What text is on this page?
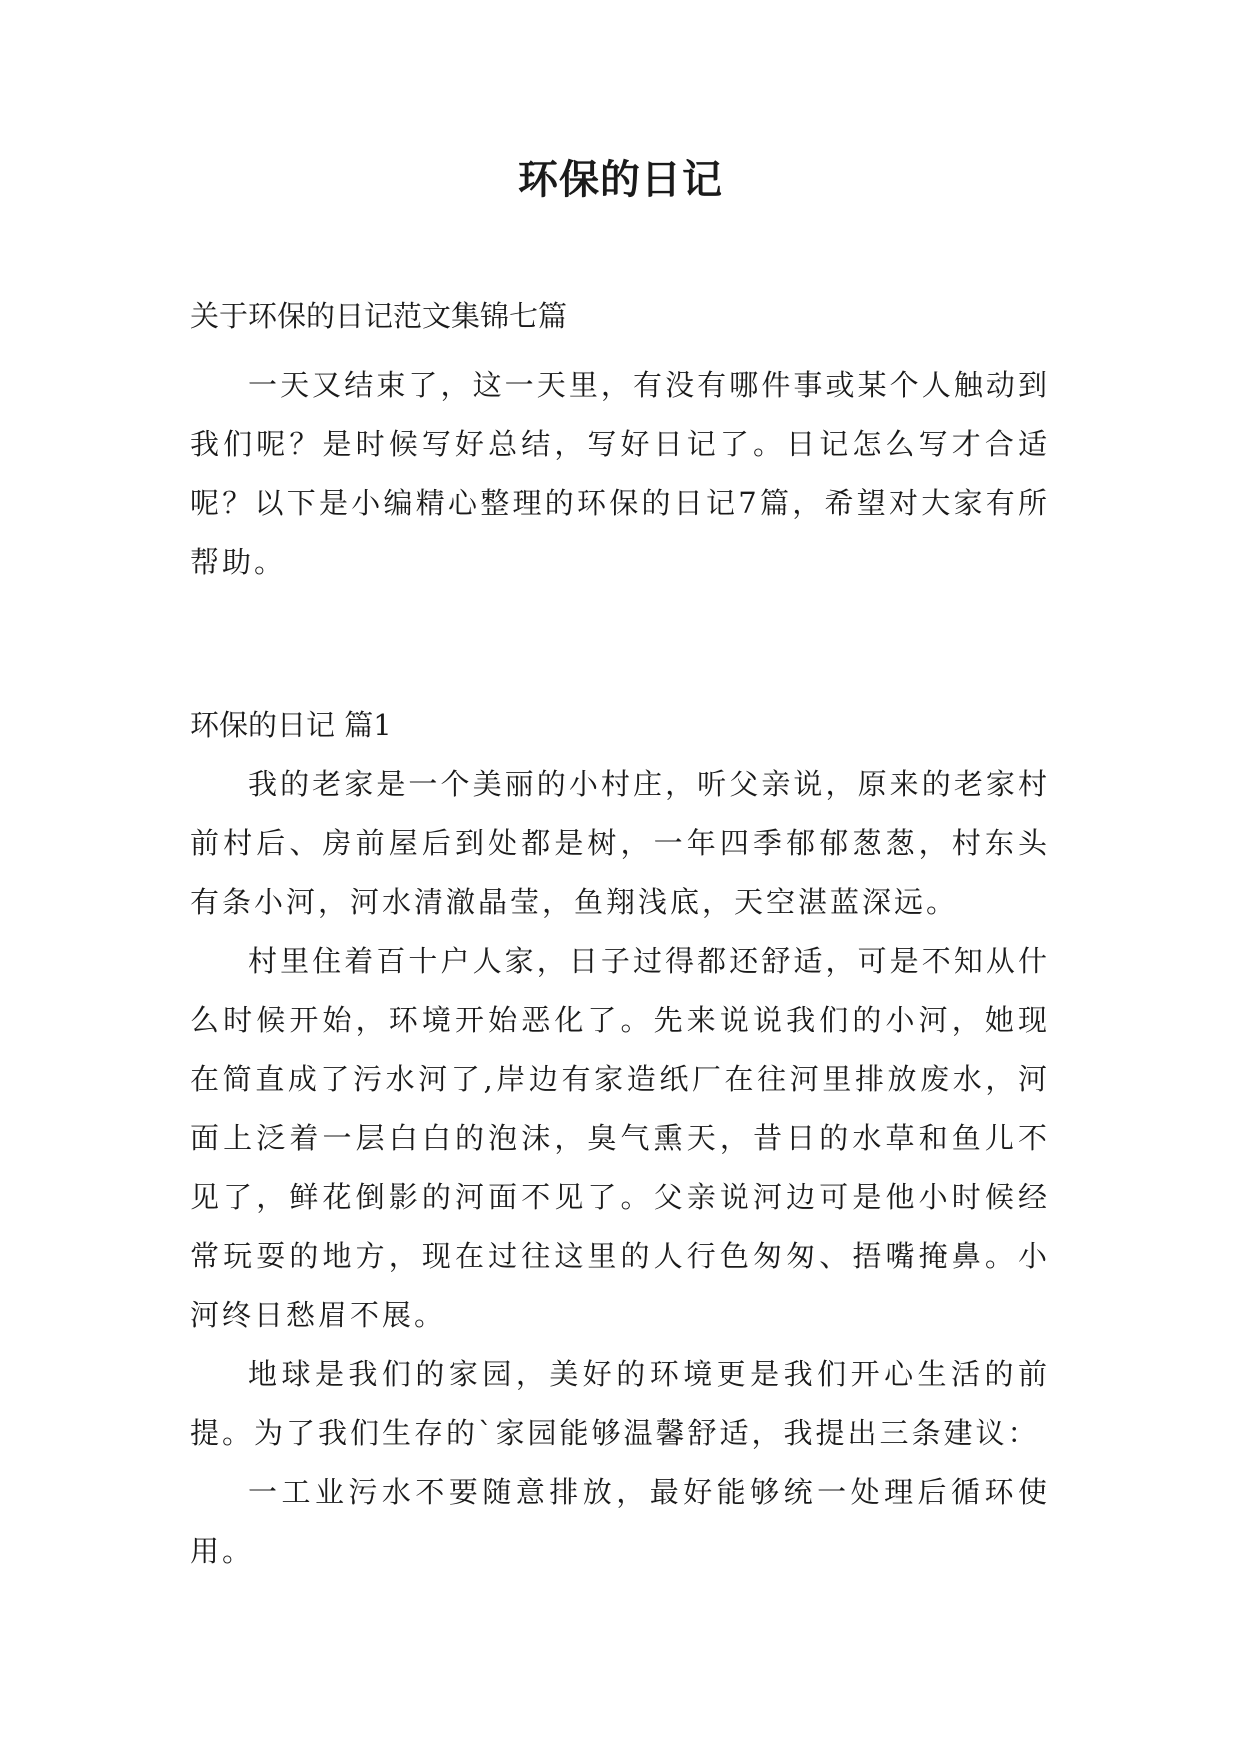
环保的日记
关于环保的日记范文集锦七篇

一天又结束了，这一天里，有没有哪件事或某个人触动到我们呢？是时候写好总结，写好日记了。日记怎么写才合适呢？以下是小编精心整理的环保的日记7篇，希望对大家有所帮助。

环保的日记 篇1

我的老家是一个美丽的小村庄，听父亲说，原来的老家村前村后、房前屋后到处都是树，一年四季郁郁葱葱，村东头有条小河，河水清澈晶莹，鱼翔浅底，天空湛蓝深远。

村里住着百十户人家，日子过得都还舒适，可是不知从什么时候开始，环境开始恶化了。先来说说我们的小河，她现在简直成了污水河了,岸边有家造纸厂在往河里排放废水，河面上泛着一层白白的泡沫，臭气熏天，昔日的水草和鱼儿不见了，鲜花倒影的河面不见了。父亲说河边可是他小时候经常玩耍的地方，现在过往这里的人行色匆匆、捂嘴掩鼻。小河终日愁眉不展。

地球是我们的家园，美好的环境更是我们开心生活的前提。为了我们生存的`家园能够温馨舒适，我提出三条建议：

一工业污水不要随意排放，最好能够统一处理后循环使用。
